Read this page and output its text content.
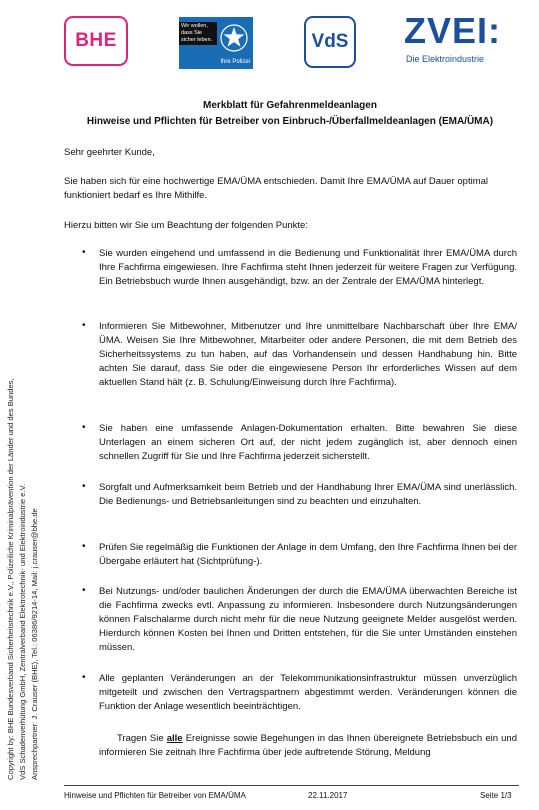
BHE
Wir wollen, dass Sie sicher leben.
Ihre Polizei
VdS ZVEI:
Die Elektroindustrie
Copyright by: BHE Bundesverband Sicherheitstechnik e.V., Polizeiliche Kriminalprävention der Länder und des Bundes, VdS Schadenverhütung GmbH, Zentralverband Elektrotechnik- und Elektroindustrie e.V. Ansprechpartner: J. Crauser (BHE), Tel.: 06386/9214-14, Mail: j.crauser@bhe.de
Merkblatt für Gefahrenmeldeanlagen
Hinweise und Pflichten für Betreiber von Einbruch-/Überfallmeldeanlagen (EMA/ÜMA)
Sehr geehrter Kunde,
Sie haben sich für eine hochwertige EMA/ÜMA entschieden. Damit Ihre EMA/ÜMA auf Dauer optimal funktioniert bedarf es Ihre Mithilfe.
Hierzu bitten wir Sie um Beachtung der folgenden Punkte:
• Sie wurden eingehend und umfassend in die Bedienung und Funktionalität Ihrer EMA/ÜMA durch Ihre Fachfirma eingewiesen. Ihre Fachfirma steht Ihnen jederzeit für weitere Fragen zur Verfügung. Ein Betriebsbuch wurde Ihnen ausgehändigt, bzw. an der Zentrale der EMA/ÜMA hinterlegt.
• Informieren Sie Mitbewohner, Mitbenutzer und Ihre unmittelbare Nachbarschaft über Ihre EMA/ÜMA. Weisen Sie Ihre Mitbewohner, Mitarbeiter oder andere Personen, die mit dem Betrieb des Sicherheitssystems zu tun haben, auf das Vorhandensein und dessen Handhabung hin. Bitte achten Sie darauf, dass Sie oder die eingewiesene Person Ihr erforderliches Wissen auf dem aktuellen Stand hält (z. B. Schulung/Einweisung durch Ihre Fachfirma).
• Sie haben eine umfassende Anlagen-Dokumentation erhalten. Bitte bewahren Sie diese Unterlagen an einem sicheren Ort auf, der nicht jedem zugänglich ist, aber dennoch einen schnellen Zugriff für Sie und Ihre Fachfirma jederzeit sicherstellt.
• Sorgfalt und Aufmerksamkeit beim Betrieb und der Handhabung Ihrer EMA/ÜMA sind unerlässlich. Die Bedienungs- und Betriebsanleitungen sind zu beachten und einzuhalten.
• Prüfen Sie regelmäßig die Funktionen der Anlage in dem Umfang, den Ihre Fachfirma Ihnen bei der Übergabe erläutert hat (Sichtprüfung-).
• Bei Nutzungs- und/oder baulichen Änderungen der durch die EMA/ÜMA überwachten Bereiche ist die Fachfirma zwecks evtl. Anpassung zu informieren. Insbesondere durch Nutzungsänderungen können Falschalarme durch nicht mehr für die neue Nutzung geeignete Melder ausgelöst werden. Hierdurch können Kosten bei Ihnen und Dritten entstehen, für die Sie unter Umständen einstehen müssen.
• Alle geplanten Veränderungen an der Telekommunikationsinfrastruktur müssen unverzüglich mitgeteilt und zwischen den Vertragspartnern abgestimmt werden. Veränderungen können die Funktion der Anlage wesentlich beeinträchtigen.
Tragen Sie alle Ereignisse sowie Begehungen in das Ihnen übereignete Betriebsbuch ein und informieren Sie zeitnah Ihre Fachfirma über jede auftretende Störung, Meldung
Hinweise und Pflichten für Betreiber von EMA/ÜMA	22.11.2017	Seite 1/3
